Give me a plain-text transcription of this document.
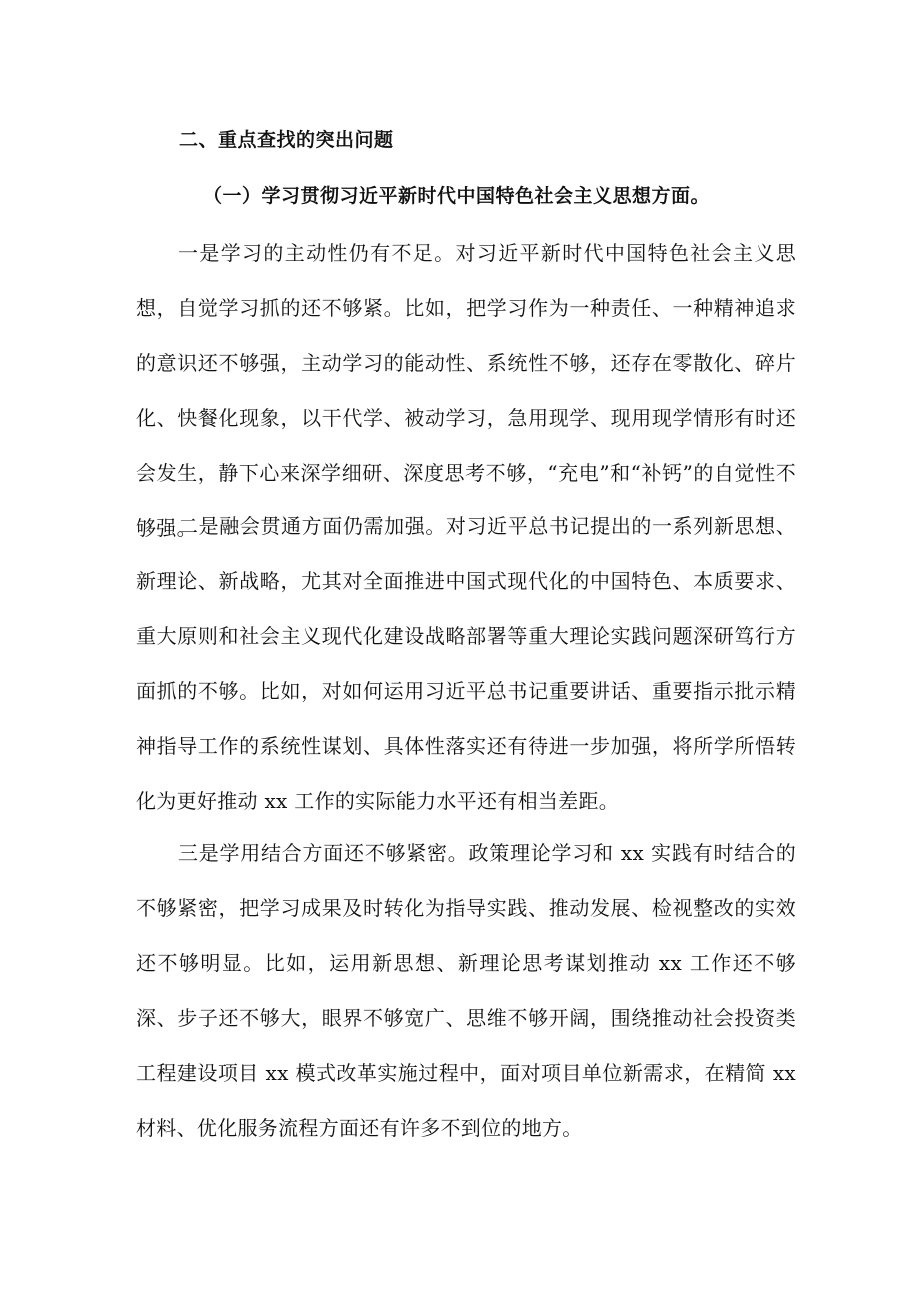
二、重点查找的突出问题
（一）学习贯彻习近平新时代中国特色社会主义思想方面。

一是学习的主动性仍有不足。对习近平新时代中国特色社会主义思想，自觉学习抓的还不够紧。比如，把学习作为一种责任、一种精神追求的意识还不够强，主动学习的能动性、系统性不够，还存在零散化、碎片化、快餐化现象，以干代学、被动学习，急用现学、现用现学情形有时还会发生，静下心来深学细研、深度思考不够，“充电”和“补钙”的自觉性不够强。

二是融会贯通方面仍需加强。对习近平总书记提出的一系列新思想、新理论、新战略，尤其对全面推进中国式现代化的中国特色、本质要求、重大原则和社会主义现代化建设战略部署等重大理论实践问题深研笃行方面抓的不够。比如，对如何运用习近平总书记重要讲话、重要指示批示精神指导工作的系统性谋划、具体性落实还有待进一步加强，将所学所悟转化为更好推动 xx 工作的实际能力水平还有相当差距。

三是学用结合方面还不够紧密。政策理论学习和 xx 实践有时结合的不够紧密，把学习成果及时转化为指导实践、推动发展、检视整改的实效还不够明显。比如，运用新思想、新理论思考谋划推动 xx 工作还不够深、步子还不够大，眼界不够宽广、思维不够开阔，围绕推动社会投资类工程建设项目 xx 模式改革实施过程中，面对项目单位新需求，在精简 xx 材料、优化服务流程方面还有许多不到位的地方。
